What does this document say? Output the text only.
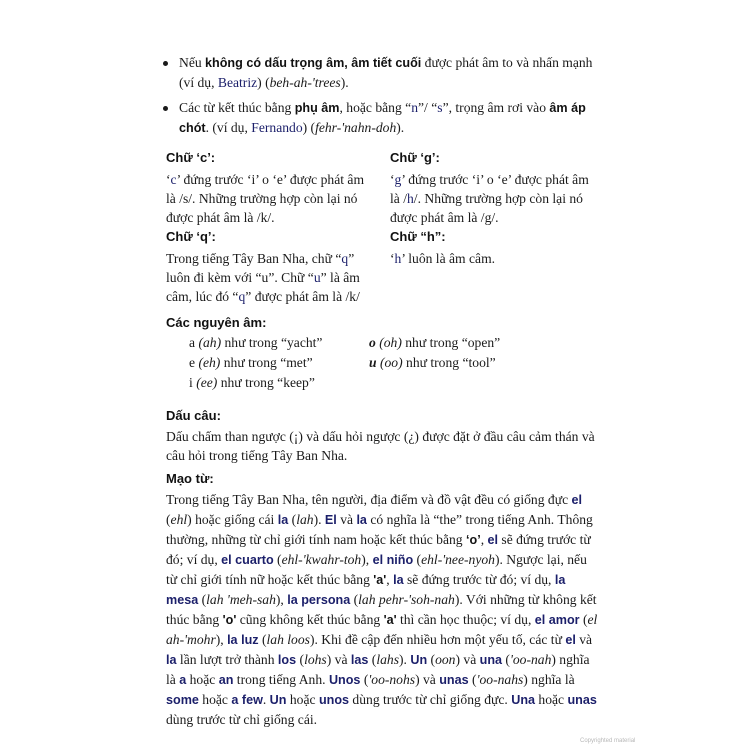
Nếu không có dấu trọng âm, âm tiết cuối được phát âm to và nhấn mạnh (ví dụ, Beatriz) (beh-ah-'trees).
Các từ kết thúc bằng phụ âm, hoặc bằng “n”/ “s”, trọng âm rơi vào âm áp chót. (ví dụ, Fernando) (fehr-'nahn-doh).
Chữ ‘c’:
‘c’ đứng trước ‘i’ o ‘e’ được phát âm là /s/. Những trường hợp còn lại nó được phát âm là /k/.
Chữ ‘g’:
‘g’ đứng trước ‘i’ o ‘e’ được phát âm là /h/. Những trường hợp còn lại nó được phát âm là /g/.
Chữ ‘q’:
Trong tiếng Tây Ban Nha, chữ “q” luôn đi kèm với “u”. Chữ “u” là âm câm, lúc đó “q” được phát âm là /k/
Chữ “h”:
‘h’ luôn là âm câm.
Các nguyên âm:
a (ah) như trong “yacht”
e (eh) như trong “met”
i (ee) như trong “keep”
o (oh) như trong “open”
u (oo) như trong “tool”
Dấu câu:
Dấu chấm than ngược (¡) và dấu hỏi ngược (¿) được đặt ở đầu câu cảm thán và câu hỏi trong tiếng Tây Ban Nha.
Mạo từ:
Trong tiếng Tây Ban Nha, tên người, địa điểm và đồ vật đều có giống đực el (ehl) hoặc giống cái la (lah). El và la có nghĩa là “the” trong tiếng Anh. Thông thường, những từ chỉ giới tính nam hoặc kết thúc bằng ‘o’, el sẽ đứng trước từ đó; ví dụ, el cuarto (ehl-'kwahr-toh), el niño (ehl-'nee-nyoh). Ngược lại, nếu từ chỉ giới tính nữ hoặc kết thúc bằng 'a', la sẽ đứng trước từ đó; ví dụ, la mesa (lah 'meh-sah), la persona (lah pehr-'soh-nah). Với những từ không kết thúc bằng 'o' cũng không kết thúc bằng 'a' thì cần học thuộc; ví dụ, el amor (el ah-'mohr), la luz (lah loos). Khi đề cập đến nhiều hơn một yếu tố, các từ el và la lần lượt trở thành los (lohs) và las (lahs). Un (oon) và una ('oo-nah) nghĩa là a hoặc an trong tiếng Anh. Unos ('oo-nohs) và unas ('oo-nahs) nghĩa là some hoặc a few. Un hoặc unos dùng trước từ chỉ giống đực. Una hoặc unas dùng trước từ chỉ giống cái.
Copyrighted material
